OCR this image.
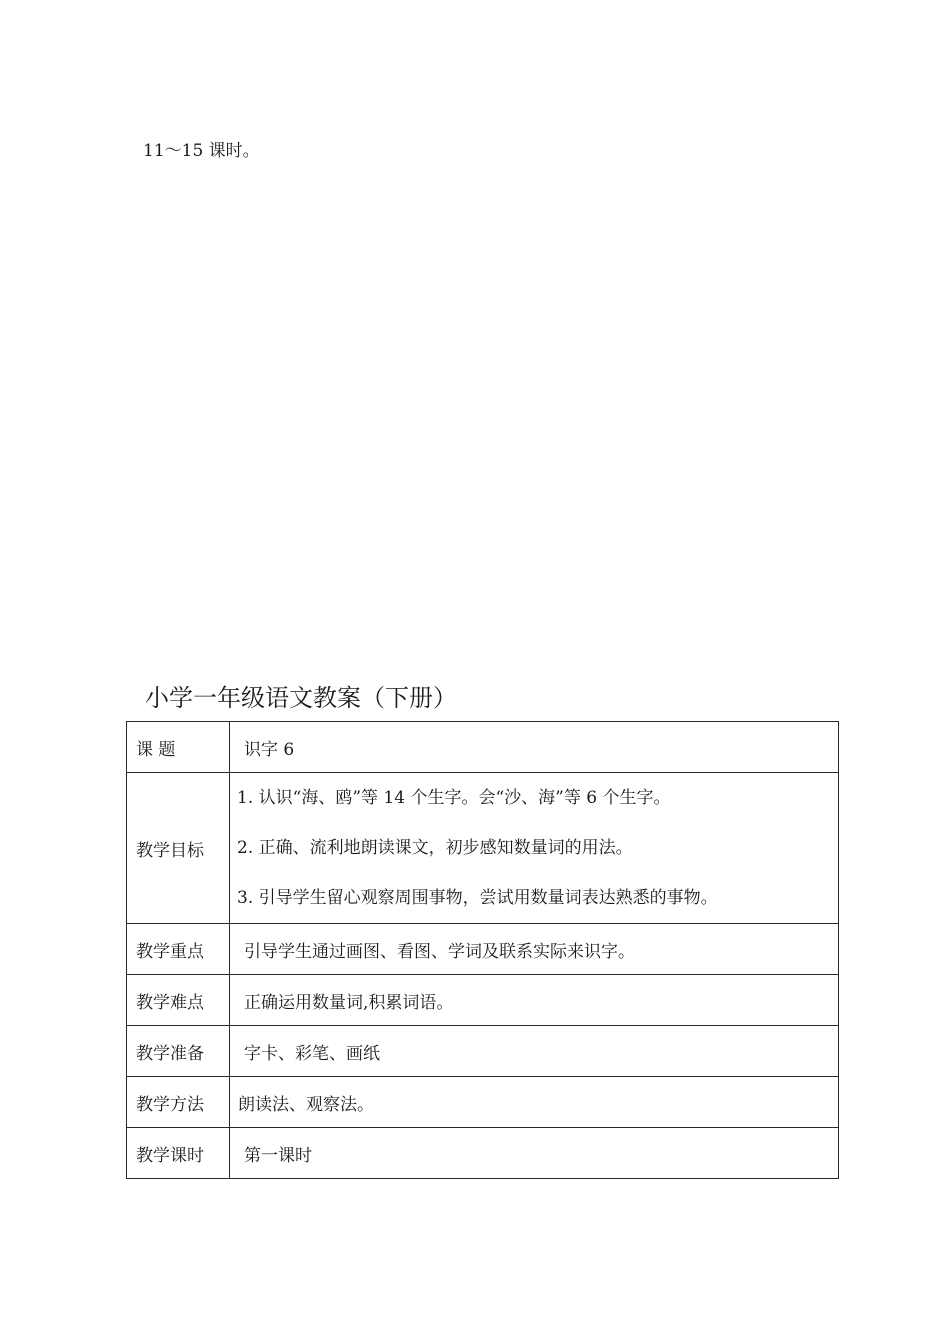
11～15 课时。
小学一年级语文教案（下册）
课 题	识字 6
教学目标	1. 认识“海、鸥”等 14 个生字。会“沙、海”等 6 个生字。
2. 正确、流利地朗读课文，初步感知数量词的用法。
3. 引导学生留心观察周围事物，尝试用数量词表达熟悉的事物。

教学重点	引导学生通过画图、看图、学词及联系实际来识字。
教学难点	正确运用数量词,积累词语。
教学准备	字卡、彩笔、画纸
教学方法	朗读法、观察法。
教学课时	第一课时
